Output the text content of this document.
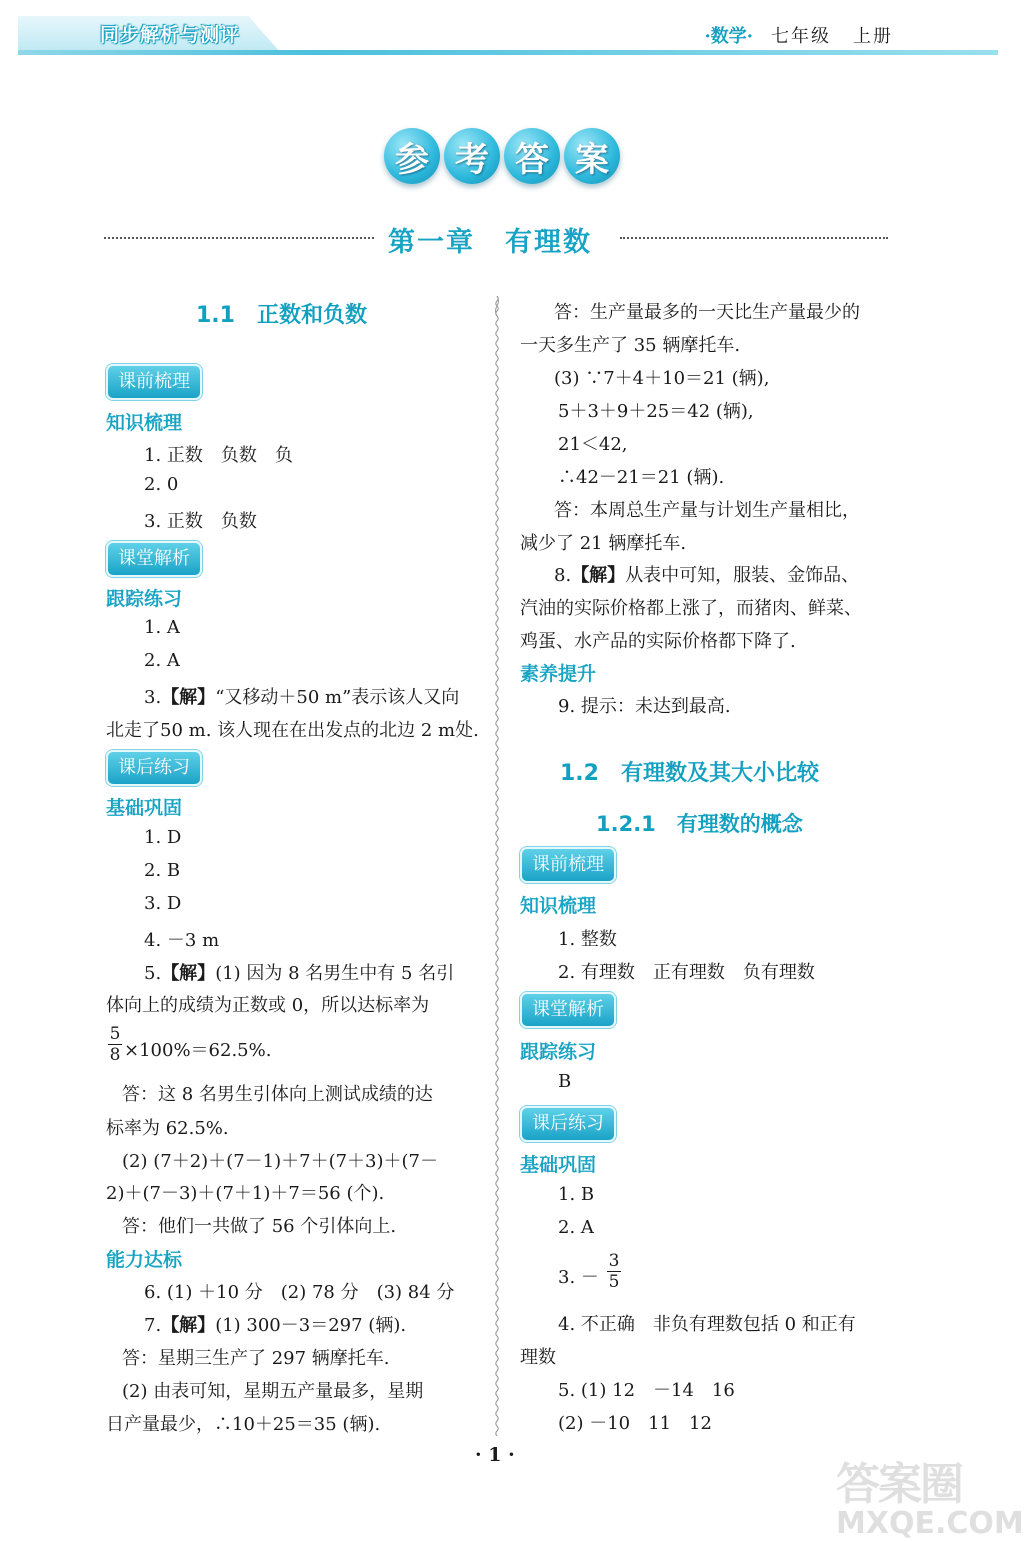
同步解析与测评	·数学· 七年级 上册
参 考 答 案
第一章 有理数
1.1　正数和负数
课前梳理
知识梳理
1. 正数　负数　负
2. 0
3. 正数　负数
课堂解析
跟踪练习
1. A
2. A
3.【解】“又移动＋50 m”表示该人又向
北走了50 m. 该人现在在出发点的北边 2 m处.
课后练习
基础巩固
1. D
2. B
3. D
4. －3 m
5.【解】(1) 因为 8 名男生中有 5 名引
体向上的成绩为正数或 0，所以达标率为
5
8 ×100%＝62.5%.
答：这 8 名男生引体向上测试成绩的达
标率为 62.5%.
(2) (7＋2)＋(7－1)＋7＋(7＋3)＋(7－
2)＋(7－3)＋(7＋1)＋7＝56 (个).
答：他们一共做了 56 个引体向上.
能力达标
6. (1) ＋10 分　(2) 78 分　(3) 84 分
7.【解】(1) 300－3＝297 (辆).
答：星期三生产了 297 辆摩托车.
(2) 由表可知，星期五产量最多，星期
日产量最少，∴10＋25＝35 (辆).
答：生产量最多的一天比生产量最少的
一天多生产了 35 辆摩托车.
(3) ∵7＋4＋10＝21 (辆),
5＋3＋9＋25＝42 (辆),
21＜42,
∴42－21＝21 (辆).
答：本周总生产量与计划生产量相比，
减少了 21 辆摩托车.
8.【解】从表中可知，服装、金饰品、
汽油的实际价格都上涨了，而猪肉、鲜菜、
鸡蛋、水产品的实际价格都下降了.
素养提升
9. 提示：未达到最高.
1.2　有理数及其大小比较
1.2.1　有理数的概念
课前梳理
知识梳理
1. 整数
2. 有理数　正有理数　负有理数
课堂解析
跟踪练习
B
课后练习
基础巩固
1. B
2. A
3. －
3
5
4. 不正确　非负有理数包括 0 和正有
理数
5. (1) 12　－14　16
(2) －10　11　12
· 1 ·
答案圈
MXQE.COM
